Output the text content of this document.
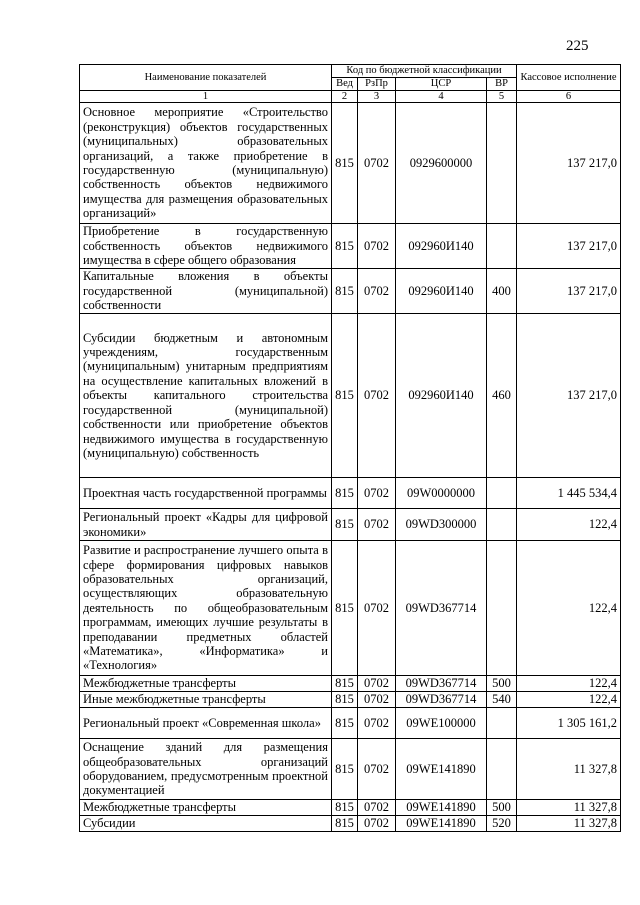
225
Наименование показателей	Код по бюджетной классификации				Кассовое исполнение
	Вед	РзПр	ЦСР	ВР	
1	2	3	4	5	6
Основное мероприятие «Строительство (реконструкция) объектов государственных (муниципальных) образовательных организаций, а также приобретение в государственную (муниципальную) собственность объектов недвижимого имущества для размещения образовательных организаций»	815	0702	0929600000		137 217,0
Приобретение в государственную собственность объектов недвижимого имущества в сфере общего образования	815	0702	092960И140		137 217,0
Капитальные вложения в объекты государственной (муниципальной) собственности	815	0702	092960И140	400	137 217,0
Субсидии бюджетным и автономным учреждениям, государственным (муниципальным) унитарным предприятиям на осуществление капитальных вложений в объекты капитального строительства государственной (муниципальной) собственности или приобретение объектов недвижимого имущества в государственную (муниципальную) собственность	815	0702	092960И140	460	137 217,0
Проектная часть государственной программы	815	0702	09W0000000		1 445 534,4
Региональный проект «Кадры для цифровой экономики»	815	0702	09WD300000		122,4
Развитие и распространение лучшего опыта в сфере формирования цифровых навыков образовательных организаций, осуществляющих образовательную деятельность по общеобразовательным программам, имеющих лучшие результаты в преподавании предметных областей «Математика», «Информатика» и «Технология»	815	0702	09WD367714		122,4
Межбюджетные трансферты	815	0702	09WD367714	500	122,4
Иные межбюджетные трансферты	815	0702	09WD367714	540	122,4
Региональный проект «Современная школа»	815	0702	09WE100000		1 305 161,2
Оснащение зданий для размещения общеобразовательных организаций оборудованием, предусмотренным проектной документацией	815	0702	09WE141890		11 327,8
Межбюджетные трансферты	815	0702	09WE141890	500	11 327,8
Субсидии	815	0702	09WE141890	520	11 327,8
